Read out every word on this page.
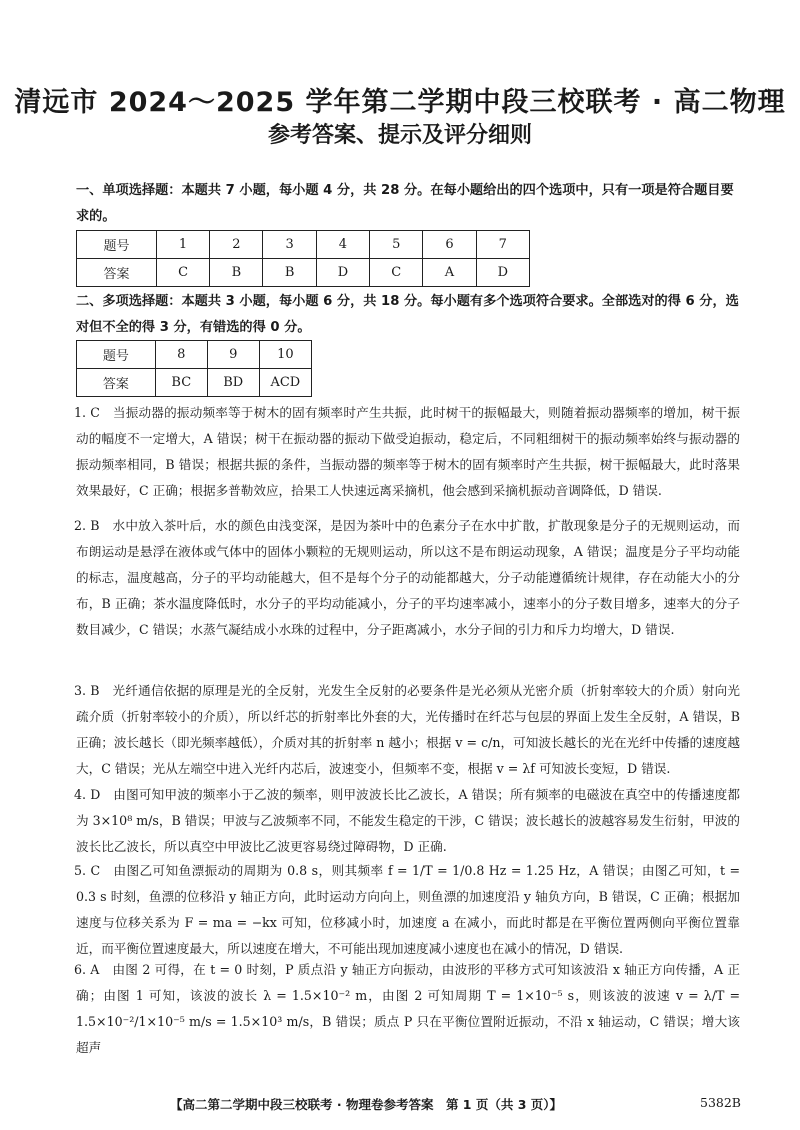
清远市 2024～2025 学年第二学期中段三校联考 · 高二物理
参考答案、提示及评分细则
一、单项选择题：本题共 7 小题，每小题 4 分，共 28 分。在每小题给出的四个选项中，只有一项是符合题目要求的。
题号	1	2	3	4	5	6	7
答案	C	B	B	D	C	A	D
二、多项选择题：本题共 3 小题，每小题 6 分，共 18 分。每小题有多个选项符合要求。全部选对的得 6 分，选对但不全的得 3 分，有错选的得 0 分。
题号	8	9	10
答案	BC	BD	ACD
1. C　 当振动器的振动频率等于树木的固有频率时产生共振，此时树干的振幅最大，则随着振动器频率的增加，树干振动的幅度不一定增大，A 错误；树干在振动器的振动下做受迫振动，稳定后，不同粗细树干的振动频率始终与振动器的振动频率相同，B 错误；根据共振的条件，当振动器的频率等于树木的固有频率时产生共振，树干振幅最大，此时落果效果最好，C 正确；根据多普勒效应，拾果工人快速远离采摘机，他会感到采摘机振动音调降低，D 错误.
2. B　 水中放入茶叶后，水的颜色由浅变深，是因为茶叶中的色素分子在水中扩散，扩散现象是分子的无规则运动，而布朗运动是悬浮在液体或气体中的固体小颗粒的无规则运动，所以这不是布朗运动现象，A 错误；温度是分子平均动能的标志，温度越高，分子的平均动能越大，但不是每个分子的动能都越大，分子动能遵循统计规律，存在动能大小的分布，B 正确；茶水温度降低时，水分子的平均动能减小，分子的平均速率减小，速率小的分子数目增多，速率大的分子数目减少，C 错误；水蒸气凝结成小水珠的过程中，分子距离减小，水分子间的引力和斥力均增大，D 错误.
3. B　 光纤通信依据的原理是光的全反射，光发生全反射的必要条件是光必须从光密介质（折射率较大的介质）射向光疏介质（折射率较小的介质），所以纤芯的折射率比外套的大，光传播时在纤芯与包层的界面上发生全反射，A 错误，B 正确；波长越长（即光频率越低），介质对其的折射率 n 越小；根据 v = c/n，可知波长越长的光在光纤中传播的速度越大，C 错误；光从左端空中进入光纤内芯后，波速变小，但频率不变，根据 v = λf 可知波长变短，D 错误.
4. D　 由图可知甲波的频率小于乙波的频率，则甲波波长比乙波长，A 错误；所有频率的电磁波在真空中的传播速度都为 3×10⁸ m/s，B 错误；甲波与乙波频率不同，不能发生稳定的干涉，C 错误；波长越长的波越容易发生衍射，甲波的波长比乙波长，所以真空中甲波比乙波更容易绕过障碍物，D 正确.
5. C　 由图乙可知鱼漂振动的周期为 0.8 s，则其频率 f = 1/T = 1/0.8 Hz = 1.25 Hz，A 错误；由图乙可知，t = 0.3 s 时刻，鱼漂的位移沿 y 轴正方向，此时运动方向向上，则鱼漂的加速度沿 y 轴负方向，B 错误，C 正确；根据加速度与位移关系为 F = ma = −kx 可知，位移减小时，加速度 a 在减小，而此时都是在平衡位置两侧向平衡位置靠近，而平衡位置速度最大，所以速度在增大，不可能出现加速度减小速度也在减小的情况，D 错误.
6. A　 由图 2 可得，在 t = 0 时刻，P 质点沿 y 轴正方向振动，由波形的平移方式可知该波沿 x 轴正方向传播，A 正确；由图 1 可知，该波的波长 λ = 1.5×10⁻² m，由图 2 可知周期 T = 1×10⁻⁵ s，则该波的波速 v = λ/T = 1.5×10⁻²/1×10⁻⁵ m/s = 1.5×10³ m/s，B 错误；质点 P 只在平衡位置附近振动，不沿 x 轴运动，C 错误；增大该超声
【高二第二学期中段三校联考 · 物理卷参考答案　第 1 页（共 3 页）】	5382B
